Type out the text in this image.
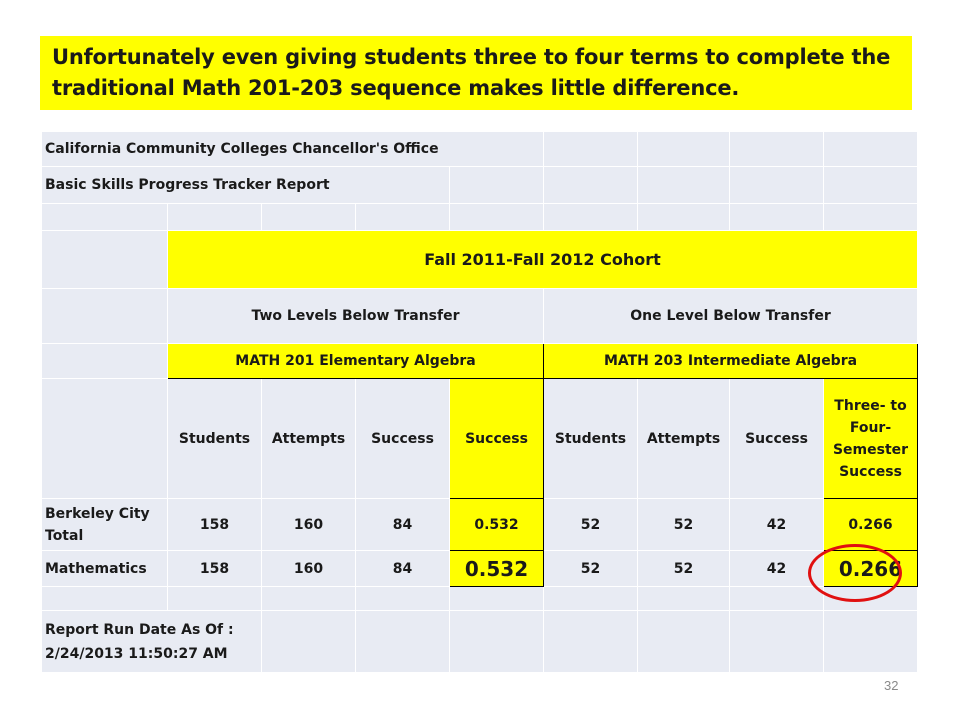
Unfortunately even giving students three to four terms to complete the
traditional Math 201-203 sequence makes little difference.
California Community Colleges Chancellor's Office								
Basic Skills Progress Tracker Report								

	Fall 2011-Fall 2012 Cohort							
	Two Levels Below Transfer				One Level Below Transfer			
	MATH 201 Elementary Algebra				MATH 203 Intermediate Algebra			
	Students	Attempts	Success	Success	Students	Attempts	Success	Three- to Four-Semester Success
Berkeley City Total	158	160	84	0.532	52	52	42	0.266
Mathematics	158	160	84	0.532	52	52	42	0.266

Report Run Date As Of : 2/24/2013 11:50:27 AM								
32
